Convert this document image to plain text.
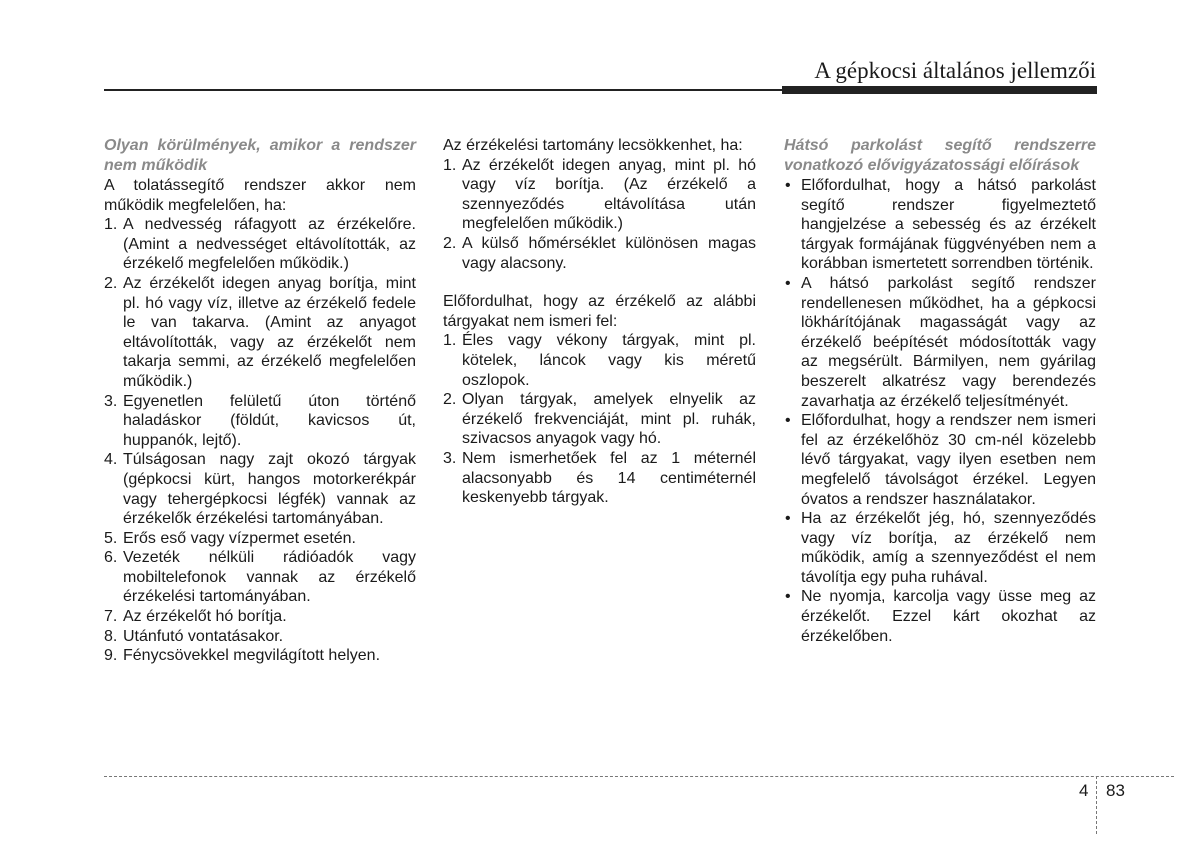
A gépkocsi általános jellemzői

Olyan körülmények, amikor a rendszer nem működik

A tolatássegítő rendszer akkor nem működik megfelelően, ha:

1. A nedvesség ráfagyott az érzékelőre. (Amint a nedvességet eltávolították, az érzékelő megfelelően működik.)
2. Az érzékelőt idegen anyag borítja, mint pl. hó vagy víz, illetve az érzékelő fedele le van takarva. (Amint az anyagot eltávolították, vagy az érzékelőt nem takarja semmi, az érzékelő megfelelően működik.)
3. Egyenetlen felületű úton történő haladáskor (földút, kavicsos út, huppanók, lejtő).
4. Túlságosan nagy zajt okozó tárgyak (gépkocsi kürt, hangos motorkerékpár vagy tehergépkocsi légfék) vannak az érzékelők érzékelési tartományában.
5. Erős eső vagy vízpermet esetén.
6. Vezeték nélküli rádióadók vagy mobiltelefonok vannak az érzékelő érzékelési tartományában.
7. Az érzékelőt hó borítja.
8. Utánfutó vontatásakor.
9. Fénycsövekkel megvilágított helyen.

Az érzékelési tartomány lecsökkenhet, ha:

1. Az érzékelőt idegen anyag, mint pl. hó vagy víz borítja. (Az érzékelő a szennyeződés eltávolítása után megfelelően működik.)
2. A külső hőmérséklet különösen magas vagy alacsony.

Előfordulhat, hogy az érzékelő az alábbi tárgyakat nem ismeri fel:

1. Éles vagy vékony tárgyak, mint pl. kötelek, láncok vagy kis méretű oszlopok.
2. Olyan tárgyak, amelyek elnyelik az érzékelő frekvenciáját, mint pl. ruhák, szivacsos anyagok vagy hó.
3. Nem ismerhetőek fel az 1 méternél alacsonyabb és 14 centiméternél keskenyebb tárgyak.

Hátsó parkolást segítő rendszerre vonatkozó elővigyázatossági előírások

• Előfordulhat, hogy a hátsó parkolást segítő rendszer figyelmeztető hangjelzése a sebesség és az érzékelt tárgyak formájának függvényében nem a korábban ismertetett sorrendben történik.
• A hátsó parkolást segítő rendszer rendellenesen működhet, ha a gépkocsi lökhárítójának magasságát vagy az érzékelő beépítését módosították vagy az megsérült. Bármilyen, nem gyárilag beszerelt alkatrész vagy berendezés zavarhatja az érzékelő teljesítményét.
• Előfordulhat, hogy a rendszer nem ismeri fel az érzékelőhöz 30 cm-nél közelebb lévő tárgyakat, vagy ilyen esetben nem megfelelő távolságot érzékel. Legyen óvatos a rendszer használatakor.
• Ha az érzékelőt jég, hó, szennyeződés vagy víz borítja, az érzékelő nem működik, amíg a szennyeződést el nem távolítja egy puha ruhával.
• Ne nyomja, karcolja vagy üsse meg az érzékelőt. Ezzel kárt okozhat az érzékelőben.
4 83
